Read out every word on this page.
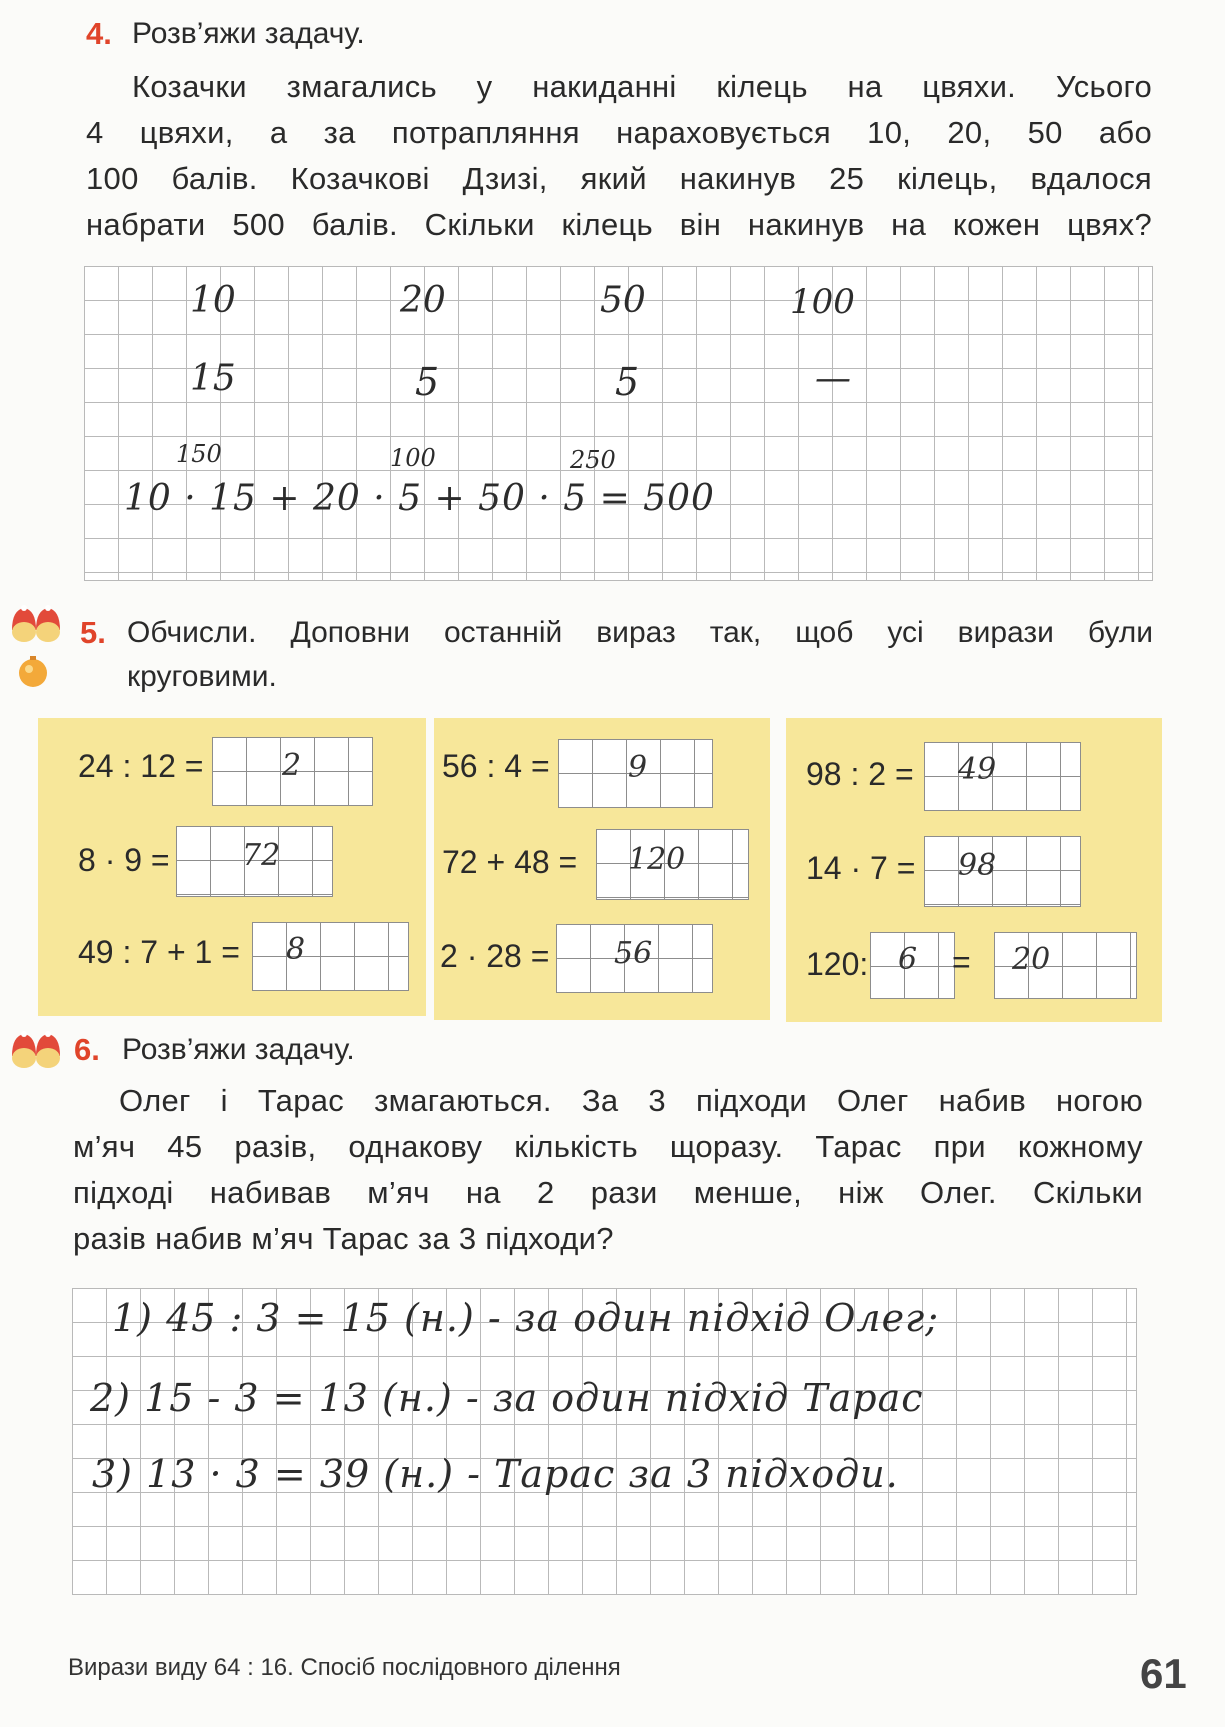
4. Розв’яжи задачу.
Козачки змагались у накиданні кілець на цвяхи. Усього
4 цвяхи, а за потрапляння нараховується 10, 20, 50 або
100 балів. Козачкові Дзизі, який накинув 25 кілець, вдалося
набрати 500 балів. Скільки кілець він накинув на кожен цвях?
10	20	50	100
15	5	5	—
150	100	250
10 · 15 + 20 · 5 + 50 · 5 = 500
5. Обчисли. Доповни останній вираз так, щоб усі вирази були
круговими.
24 : 12 =	2
8 · 9 = 72
49 : 7 + 1 = 8
56 : 4 =	9
72 + 48 = 120
2 · 28 = 56
98 : 2 = 49
14 · 7 = 98
120: 6 = 20
6. Розв’яжи задачу.
Олег і Тарас змагаються. За 3 підходи Олег набив ногою
м’яч 45 разів, однакову кількість щоразу. Тарас при кожному
підході набивав м’яч на 2 рази менше, ніж Олег. Скільки
разів набив м’яч Тарас за 3 підходи?
1) 45 : 3 = 15 (н.) - за один підхід Олег;
2) 15 - 3 = 13 (н.) - за один підхід Тарас
3) 13 · 3 = 39 (н.) - Тарас за 3 підходи.
Вирази виду 64 : 16. Спосіб послідовного ділення	61
